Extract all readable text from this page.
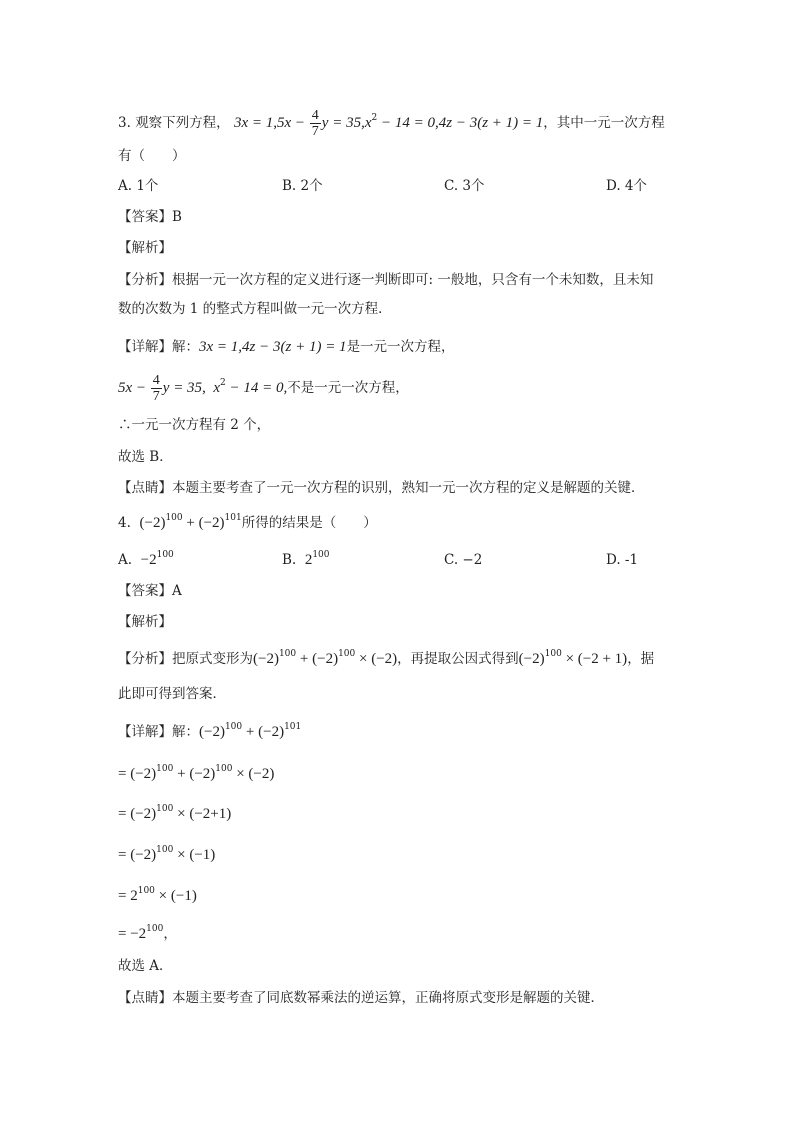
3. 观察下列方程， $3x = 1,5x - \frac{4}{7}$ $y = 35,x^2 - 14 = 0,4z - 3(z + 1) = 1$，其中一元一次方程
有（　　）
A. 1个	B. 2个	C. 3个	D. 4个
【答案】B
【解析】
【分析】根据一元一次方程的定义进行逐一判断即可: 一般地，只含有一个未知数，且未知
数的次数为 1 的整式方程叫做一元一次方程．
【详解】解：3x = 1,4z − 3(z + 1) = 1是一元一次方程，
$5x - \frac{4}{7}$ y = 35,  $x^2 - 14 = 0$,不是一元一次方程，
∴一元一次方程有 2 个，
故选 B．
【点睛】本题主要考查了一元一次方程的识别，熟知一元一次方程的定义是解题的关键．
4. $(-2)^{100} + (-2)^{101}$所得的结果是（　　）
A. $-2^{100}$	B. $2^{100}$	C. −2	D. -1
【答案】A
【解析】
【分析】把原式变形为$(-2)^{100} + (-2)^{100} \times (-2)$，再提取公因式得到$(-2)^{100} \times (-2 + 1)$，据
此即可得到答案．
【详解】解：$(-2)^{100} + (-2)^{101}$
= $(-2)^{100} + (-2)^{100} \times (-2)$
= $(-2)^{100} \times (-2+1)$
= $(-2)^{100} \times (-1)$
= $2^{100} \times (-1)$
= $-2^{100}$，
故选 A．
【点睛】本题主要考查了同底数幂乘法的逆运算，正确将原式变形是解题的关键．
